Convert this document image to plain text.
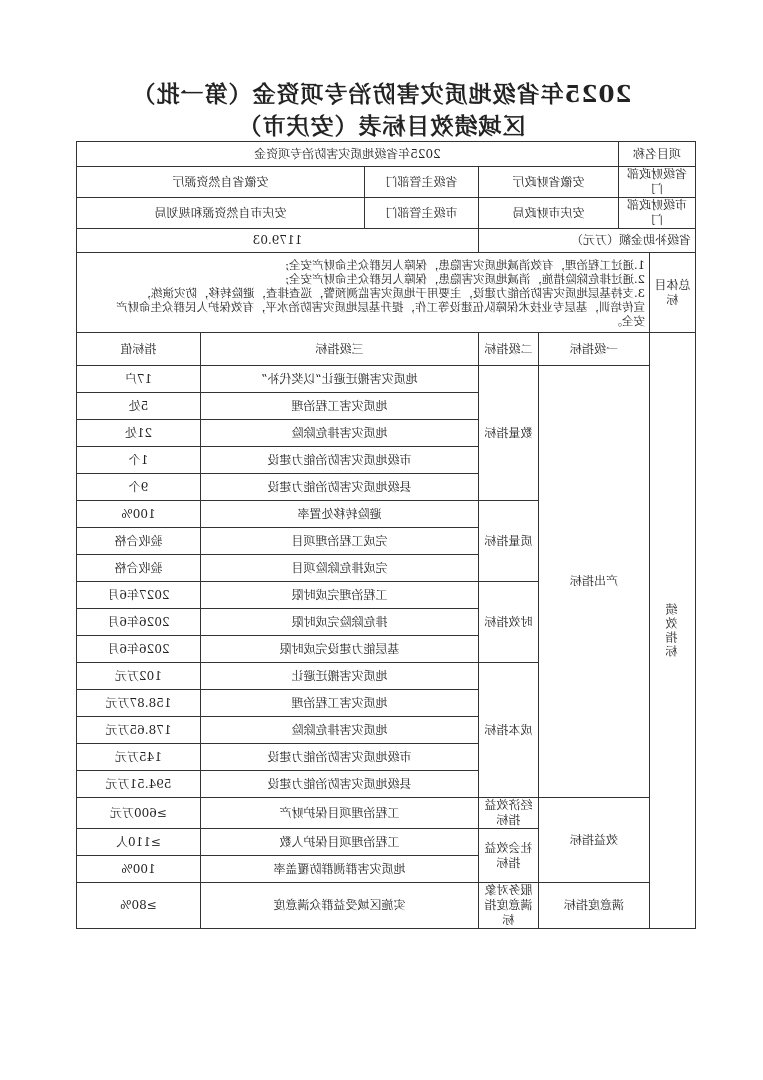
2025年省级地质灾害防治专项资金（第一批）
区域绩效目标表（安庆市）
项目名称		2025年省级地质灾害防治专项资金				
省级财政部门		安徽省财政厅		省级主管部门	安徽省自然资源厅	
市级财政部门		安庆市财政局		市级主管部门	安庆市自然资源和规划局	
省级补助金额（万元）				1179.03		
总体目标	1.通过工程治理，有效消减地质灾害隐患，保障人民群众生命财产安全;
2.通过排危除险措施，消减地质灾害隐患，保障人民群众生命财产安全;
3.支持基层地质灾害防治能力建设，主要用于地质灾害监测预警，巡查排查，避险转移，防灾演练，
宣传培训，基层专业技术保障队伍建设等工作，提升基层地质灾害防治水平，有效保护人民群众生命财产
安全。					

绩效指标	一级指标		二级指标	三级指标		指标值
	产出指标		数量指标	地质灾害搬迁避让“以奖代补”		17户
				地质灾害工程治理		5处
				地质灾害排危除险		21处
				市级地质灾害防治能力建设		1个
				县级地质灾害防治能力建设		9个
			质量指标	避险转移处置率		100%
				完成工程治理项目		验收合格
				完成排危除险项目		验收合格
			时效指标	工程治理完成时限		2027年6月
				排危除险完成时限		2026年6月
				基层能力建设完成时限		2026年6月
			成本指标	地质灾害搬迁避让		102万元
				地质灾害工程治理		158.87万元
				地质灾害排危除险		178.65万元
				市级地质灾害防治能力建设		145万元
				县级地质灾害防治能力建设		594.51万元
	效益指标		经济效益指标	工程治理项目保护财产		≥600万元
			社会效益指标	工程治理项目保护人数		≥110人
				地质灾害群测群防覆盖率		100%
	满意度指标		服务对象满意度指标	实施区域受益群众满意度		≥80%
